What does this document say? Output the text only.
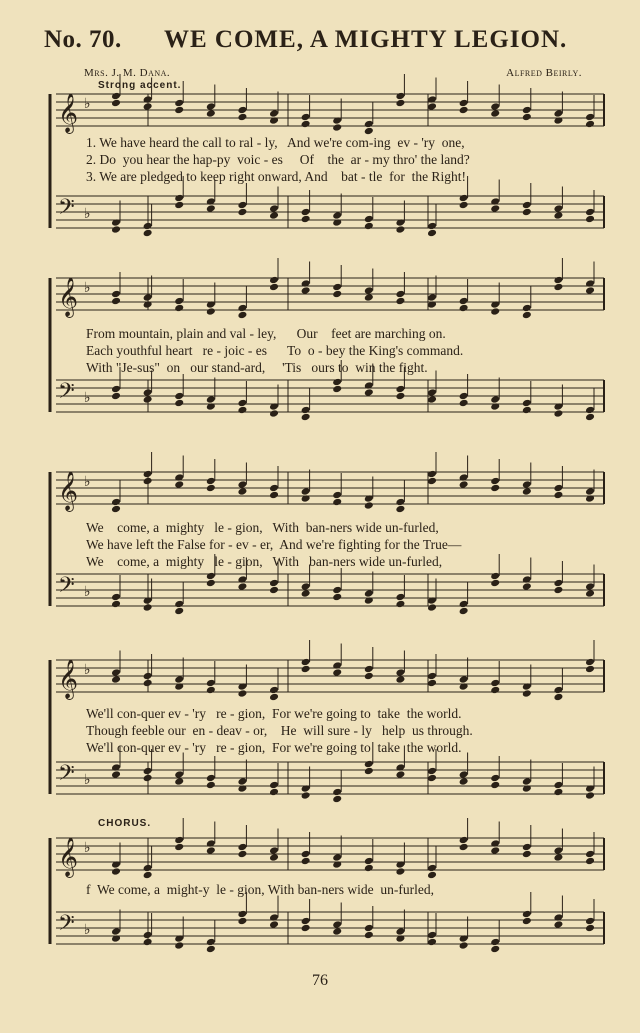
No. 70. WE COME, A MIGHTY LEGION.
Mrs. J. M. Dana.	Alfred Beirly.
Strong accent.
𝄞 ♭
𝄢 ♭
1. We have heard the call to ral - ly,   And we're com-ing  ev - 'ry  one,
2. Do  you hear the hap-py  voic - es     Of    the  ar - my thro' the land?
3. We are pledged to keep right onward, And    bat - tle  for  the Right!
𝄞 ♭
𝄢 ♭
From mountain, plain and val - ley,      Our    feet are marching on.
Each youthful heart   re - joic - es      To  o - bey the King's command.
With "Je-sus"  on   our stand-ard,     'Tis   ours to  win the fight.
𝄞 ♭
𝄢 ♭
We    come, a  mighty   le - gion,   With  ban-ners wide un-furled,
We have left the False for - ev - er,  And we're fighting for the True—
We    come, a  mighty   le - gion,   With   ban-ners wide un-furled,
𝄞 ♭
𝄢 ♭
We'll con-quer ev - 'ry   re - gion,  For we're going to  take  the world.
Though feeble our  en - deav - or,    He  will sure - ly   help  us through.
We'll con-quer ev - 'ry   re - gion,  For we're going to  take  the world.
CHORUS.
𝄞 ♭
𝄢 ♭
f  We come, a  might-y  le - gion, With ban-ners wide  un-furled,
76
